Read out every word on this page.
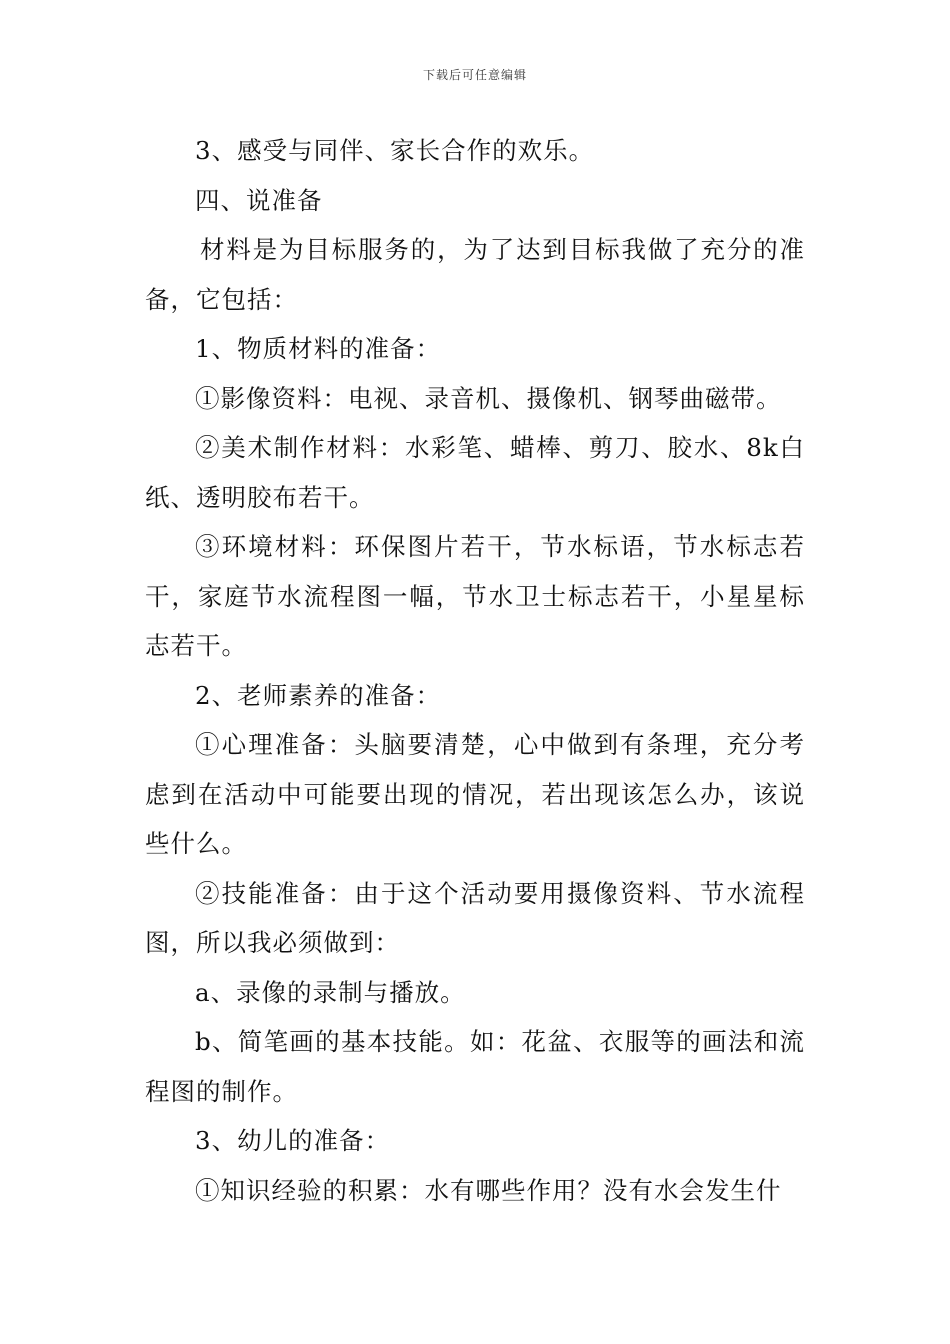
下载后可任意编辑

3、感受与同伴、家长合作的欢乐。

四、说准备

材料是为目标服务的，为了达到目标我做了充分的准备，它包括：

1、物质材料的准备：

①影像资料：电视、录音机、摄像机、钢琴曲磁带。

②美术制作材料：水彩笔、蜡棒、剪刀、胶水、8k白纸、透明胶布若干。

③环境材料：环保图片若干，节水标语，节水标志若干，家庭节水流程图一幅，节水卫士标志若干，小星星标志若干。

2、老师素养的准备：

①心理准备：头脑要清楚，心中做到有条理，充分考虑到在活动中可能要出现的情况，若出现该怎么办，该说些什么。

②技能准备：由于这个活动要用摄像资料、节水流程图，所以我必须做到：

a、录像的录制与播放。

b、简笔画的基本技能。如：花盆、衣服等的画法和流程图的制作。

3、幼儿的准备：

①知识经验的积累：水有哪些作用？没有水会发生什
